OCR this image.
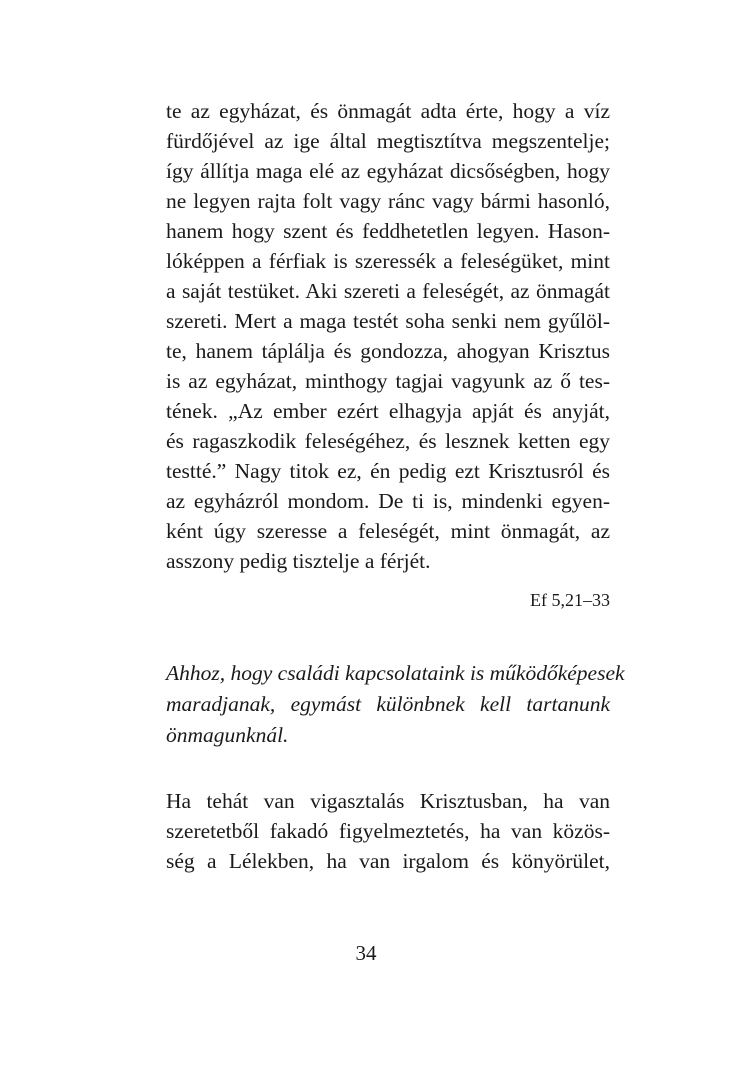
te az egyházat, és önmagát adta érte, hogy a víz
fürdőjével az ige által megtisztítva megszentelje;
így állítja maga elé az egyházat dicsőségben, hogy
ne legyen rajta folt vagy ránc vagy bármi hasonló,
hanem hogy szent és feddhetetlen legyen. Hason-
lóképpen a férfiak is szeressék a feleségüket, mint
a saját testüket. Aki szereti a feleségét, az önmagát
szereti. Mert a maga testét soha senki nem gyűlöl-
te, hanem táplálja és gondozza, ahogyan Krisztus
is az egyházat, minthogy tagjai vagyunk az ő tes-
tének. „Az ember ezért elhagyja apját és anyját,
és ragaszkodik feleségéhez, és lesznek ketten egy
testté.” Nagy titok ez, én pedig ezt Krisztusról és
az egyházról mondom. De ti is, mindenki egyen-
ként úgy szeresse a feleségét, mint önmagát, az
asszony pedig tisztelje a férjét.
Ef 5,21–33
Ahhoz, hogy családi kapcsolataink is működőképesek
maradjanak, egymást különbnek kell tartanunk
önmagunknál.
Ha tehát van vigasztalás Krisztusban, ha van
szeretetből fakadó figyelmeztetés, ha van közös-
ség a Lélekben, ha van irgalom és könyörület,
34
